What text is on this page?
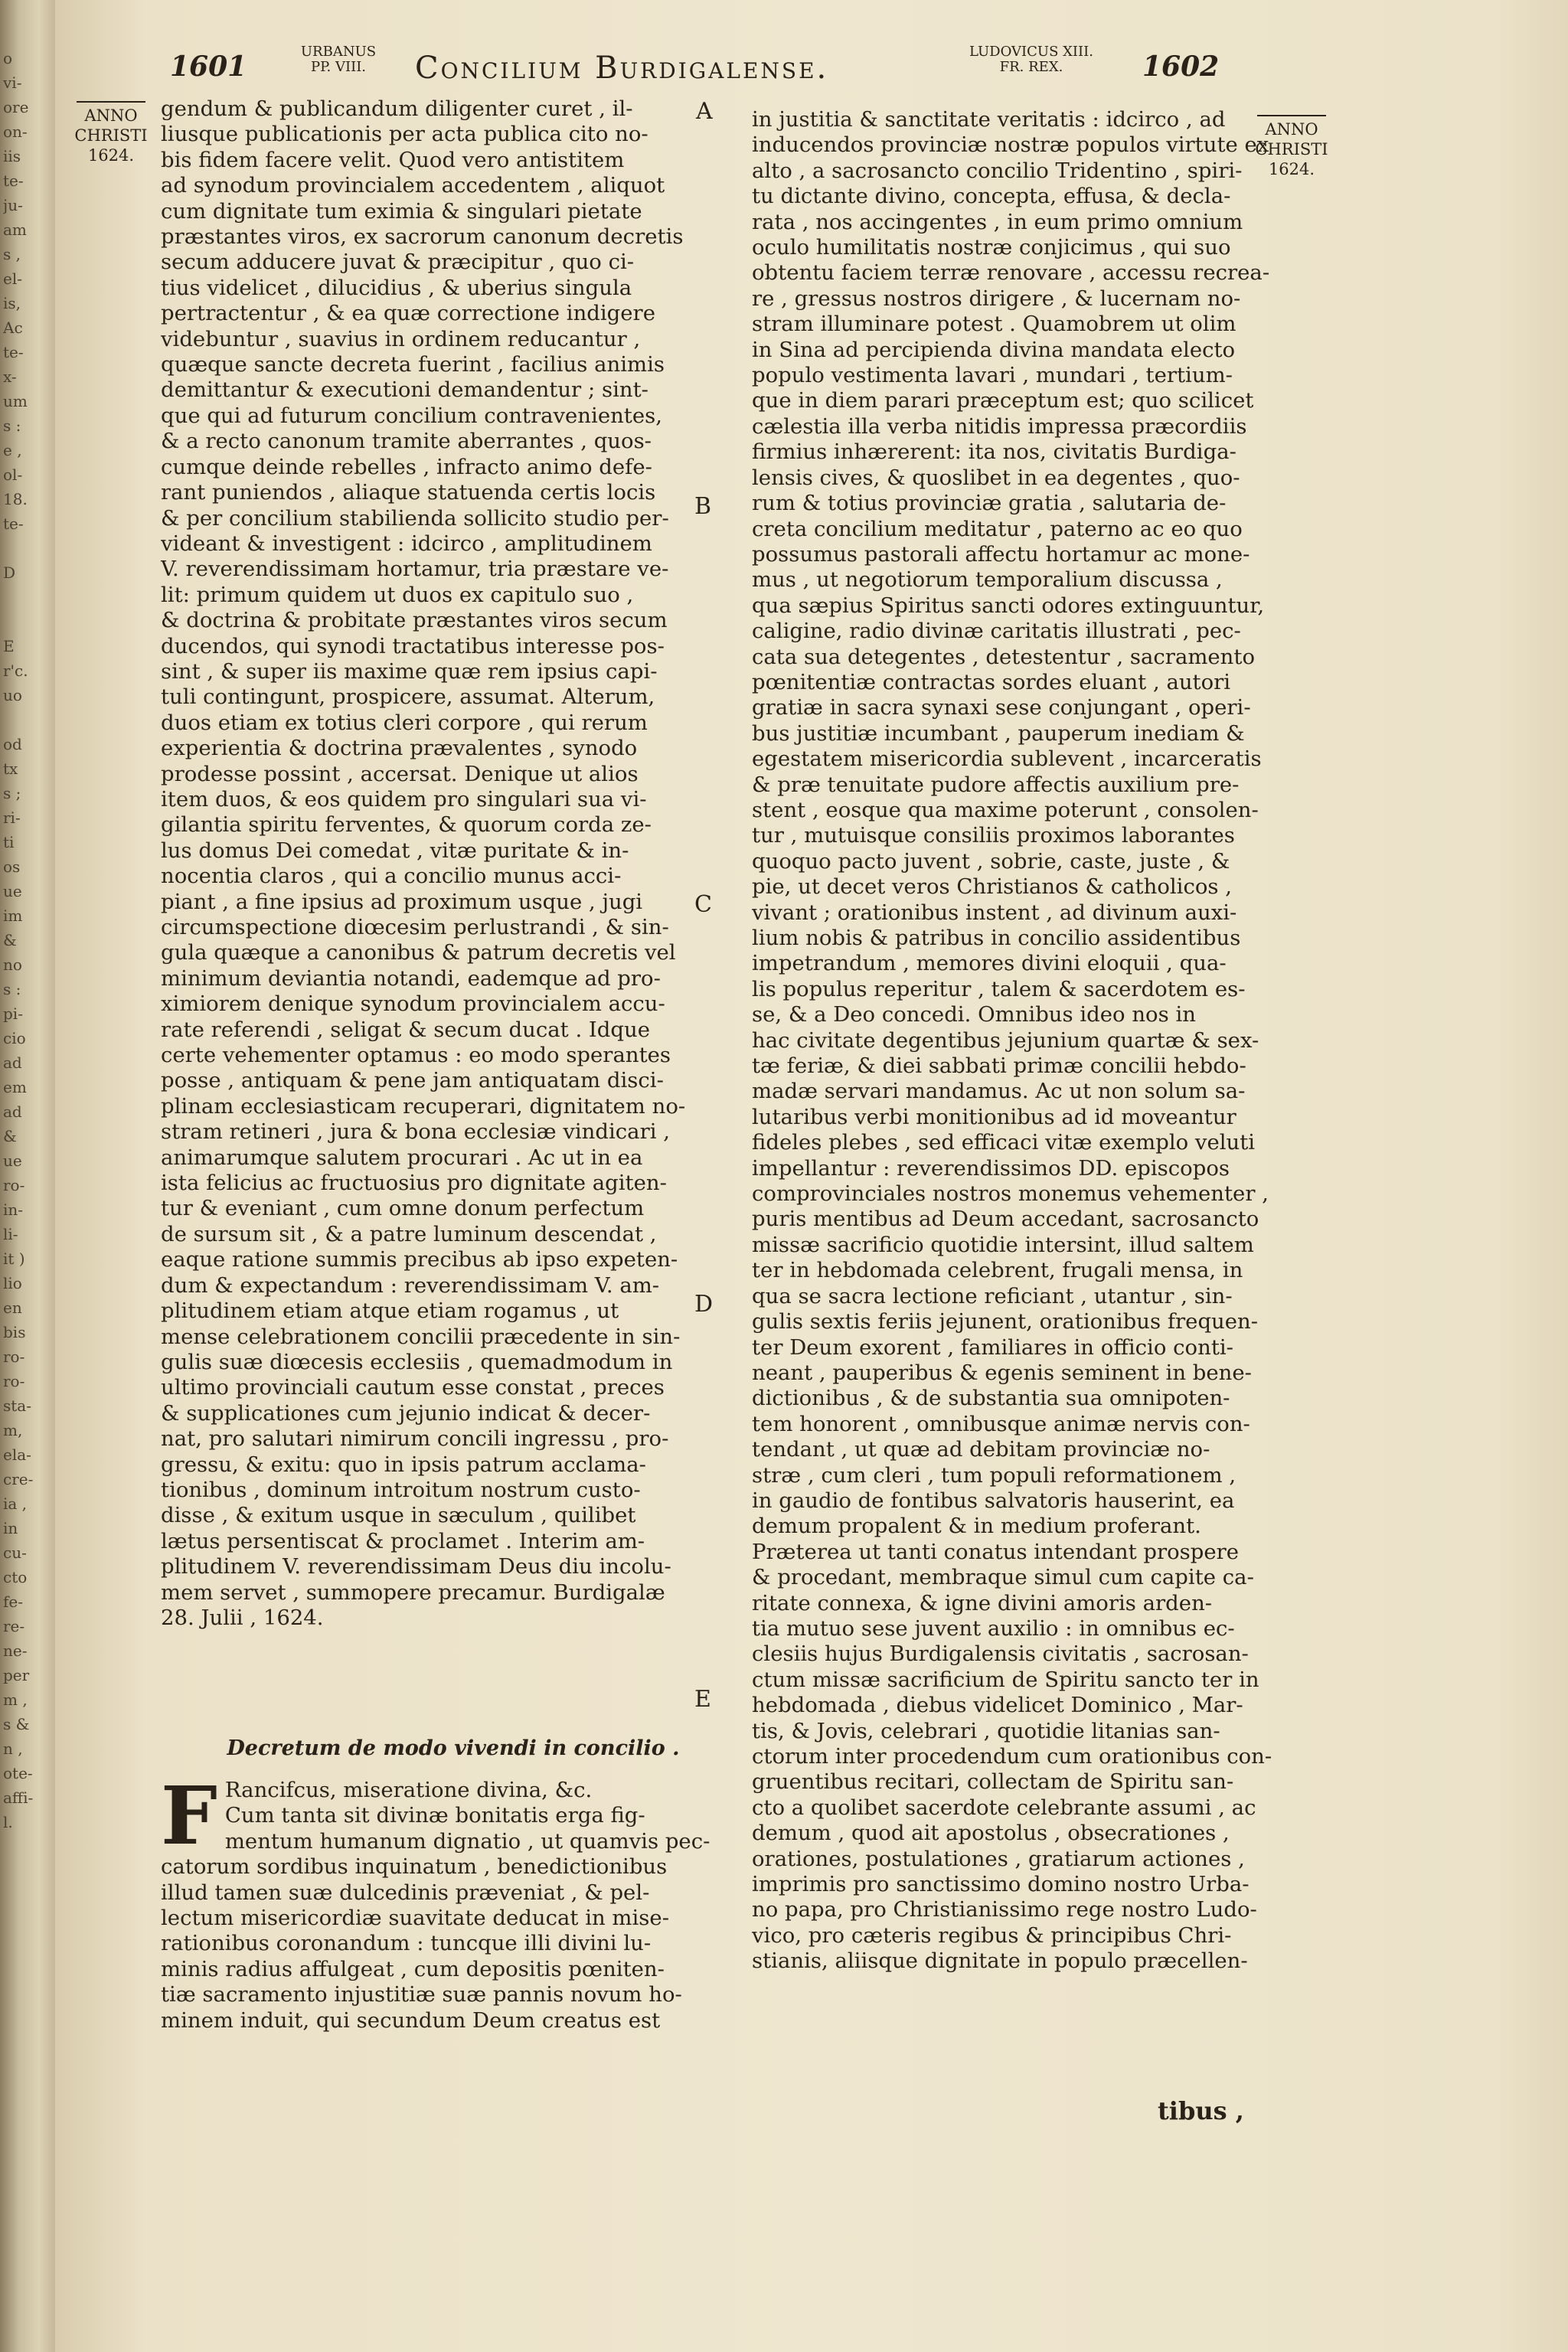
o
vi-
ore
on-
iis
te-
ju-
am
s ,
el-
is,
Ac
te-
x-
um
s :
e ,
ol-
18.
te-

D

E
r'c.
uo

od
tx
s ;
ri-
ti
os
ue
im
&
no
s :
pi-
cio
ad
em
ad
&
ue
ro-
in-
li-
it )
lio
en
bis
ro-
ro-
sta-
m,
ela-
cre-
ia ,
in
cu-
cto
fe-
re-
ne-
per
m ,
s &
n ,
ote-
affi-
l.
1601	URBANUS
PP. VIII.	Concilium Burdigalense.	LUDOVICUS XIII.
FR. REX.	1602
ANNO CHRISTI 1624.
ANNO CHRISTI 1624.
A
B
C
D
E
gendum & publicandum diligenter curet , il-
liusque publicationis per acta publica cito no-
bis fidem facere velit. Quod vero antistitem
ad synodum provincialem accedentem , aliquot
cum dignitate tum eximia & singulari pietate
præstantes viros, ex sacrorum canonum decretis
secum adducere juvat & præcipitur , quo ci-
tius videlicet , dilucidius , & uberius singula
pertractentur , & ea quæ correctione indigere
videbuntur , suavius in ordinem reducantur ,
quæque sancte decreta fuerint , facilius animis
demittantur & executioni demandentur ; sint-
que qui ad futurum concilium contravenientes,
& a recto canonum tramite aberrantes , quos-
cumque deinde rebelles , infracto animo defe-
rant puniendos , aliaque statuenda certis locis
& per concilium stabilienda sollicito studio per-
videant & investigent : idcirco , amplitudinem
V. reverendissimam hortamur, tria præstare ve-
lit: primum quidem ut duos ex capitulo suo ,
& doctrina & probitate præstantes viros secum
ducendos, qui synodi tractatibus interesse pos-
sint , & super iis maxime quæ rem ipsius capi-
tuli contingunt, prospicere, assumat. Alterum,
duos etiam ex totius cleri corpore , qui rerum
experientia & doctrina prævalentes , synodo
prodesse possint , accersat. Denique ut alios
item duos, & eos quidem pro singulari sua vi-
gilantia spiritu ferventes, & quorum corda ze-
lus domus Dei comedat , vitæ puritate & in-
nocentia claros , qui a concilio munus acci-
piant , a fine ipsius ad proximum usque , jugi
circumspectione diœcesim perlustrandi , & sin-
gula quæque a canonibus & patrum decretis vel
minimum deviantia notandi, eademque ad pro-
ximiorem denique synodum provincialem accu-
rate referendi , seligat & secum ducat . Idque
certe vehementer optamus : eo modo sperantes
posse , antiquam & pene jam antiquatam disci-
plinam ecclesiasticam recuperari, dignitatem no-
stram retineri , jura & bona ecclesiæ vindicari ,
animarumque salutem procurari . Ac ut in ea
ista felicius ac fructuosius pro dignitate agiten-
tur & eveniant , cum omne donum perfectum
de sursum sit , & a patre luminum descendat ,
eaque ratione summis precibus ab ipso expeten-
dum & expectandum : reverendissimam V. am-
plitudinem etiam atque etiam rogamus , ut
mense celebrationem concilii præcedente in sin-
gulis suæ diœcesis ecclesiis , quemadmodum in
ultimo provinciali cautum esse constat , preces
& supplicationes cum jejunio indicat & decer-
nat, pro salutari nimirum concili ingressu , pro-
gressu, & exitu: quo in ipsis patrum acclama-
tionibus , dominum introitum nostrum custo-
disse , & exitum usque in sæculum , quilibet
lætus persentiscat & proclamet . Interim am-
plitudinem V. reverendissimam Deus diu incolu-
mem servet , summopere precamur. Burdigalæ
28. Julii , 1624.
Decretum de modo vivendi in concilio .
F Rancifcus, miseratione divina, &c.
Cum tanta sit divinæ bonitatis erga fig-
mentum humanum dignatio , ut quamvis pec-
catorum sordibus inquinatum , benedictionibus
illud tamen suæ dulcedinis præveniat , & pel-
lectum misericordiæ suavitate deducat in mise-
rationibus coronandum : tuncque illi divini lu-
minis radius affulgeat , cum depositis pœniten-
tiæ sacramento injustitiæ suæ pannis novum ho-
minem induit, qui secundum Deum creatus est
in justitia & sanctitate veritatis : idcirco , ad
inducendos provinciæ nostræ populos virtute ex
alto , a sacrosancto concilio Tridentino , spiri-
tu dictante divino, concepta, effusa, & decla-
rata , nos accingentes , in eum primo omnium
oculo humilitatis nostræ conjicimus , qui suo
obtentu faciem terræ renovare , accessu recrea-
re , gressus nostros dirigere , & lucernam no-
stram illuminare potest . Quamobrem ut olim
in Sina ad percipienda divina mandata electo
populo vestimenta lavari , mundari , tertium-
que in diem parari præceptum est; quo scilicet
cælestia illa verba nitidis impressa præcordiis
firmius inhærerent: ita nos, civitatis Burdiga-
lensis cives, & quoslibet in ea degentes , quo-
rum & totius provinciæ gratia , salutaria de-
creta concilium meditatur , paterno ac eo quo
possumus pastorali affectu hortamur ac mone-
mus , ut negotiorum temporalium discussa ,
qua sæpius Spiritus sancti odores extinguuntur,
caligine, radio divinæ caritatis illustrati , pec-
cata sua detegentes , detestentur , sacramento
pœnitentiæ contractas sordes eluant , autori
gratiæ in sacra synaxi sese conjungant , operi-
bus justitiæ incumbant , pauperum inediam &
egestatem misericordia sublevent , incarceratis
& præ tenuitate pudore affectis auxilium pre-
stent , eosque qua maxime poterunt , consolen-
tur , mutuisque consiliis proximos laborantes
quoquo pacto juvent , sobrie, caste, juste , &
pie, ut decet veros Christianos & catholicos ,
vivant ; orationibus instent , ad divinum auxi-
lium nobis & patribus in concilio assidentibus
impetrandum , memores divini eloquii , qua-
lis populus reperitur , talem & sacerdotem es-
se, & a Deo concedi. Omnibus ideo nos in
hac civitate degentibus jejunium quartæ & sex-
tæ feriæ, & diei sabbati primæ concilii hebdo-
madæ servari mandamus. Ac ut non solum sa-
lutaribus verbi monitionibus ad id moveantur
fideles plebes , sed efficaci vitæ exemplo veluti
impellantur : reverendissimos DD. episcopos
comprovinciales nostros monemus vehementer ,
puris mentibus ad Deum accedant, sacrosancto
missæ sacrificio quotidie intersint, illud saltem
ter in hebdomada celebrent, frugali mensa, in
qua se sacra lectione reficiant , utantur , sin-
gulis sextis feriis jejunent, orationibus frequen-
ter Deum exorent , familiares in officio conti-
neant , pauperibus & egenis seminent in bene-
dictionibus , & de substantia sua omnipoten-
tem honorent , omnibusque animæ nervis con-
tendant , ut quæ ad debitam provinciæ no-
stræ , cum cleri , tum populi reformationem ,
in gaudio de fontibus salvatoris hauserint, ea
demum propalent & in medium proferant.
Præterea ut tanti conatus intendant prospere
& procedant, membraque simul cum capite ca-
ritate connexa, & igne divini amoris arden-
tia mutuo sese juvent auxilio : in omnibus ec-
clesiis hujus Burdigalensis civitatis , sacrosan-
ctum missæ sacrificium de Spiritu sancto ter in
hebdomada , diebus videlicet Dominico , Mar-
tis, & Jovis, celebrari , quotidie litanias san-
ctorum inter procedendum cum orationibus con-
gruentibus recitari, collectam de Spiritu san-
cto a quolibet sacerdote celebrante assumi , ac
demum , quod ait apostolus , obsecrationes ,
orationes, postulationes , gratiarum actiones ,
imprimis pro sanctissimo domino nostro Urba-
no papa, pro Christianissimo rege nostro Ludo-
vico, pro cæteris regibus & principibus Chri-
stianis, aliisque dignitate in populo præcellen-
tibus ,
